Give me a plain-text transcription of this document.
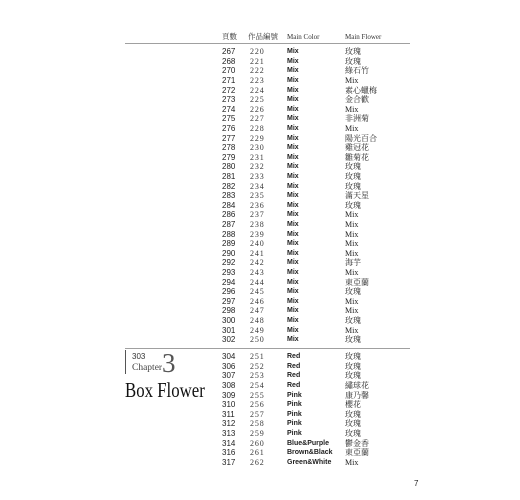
頁數 作品編號 Main Color	Main Flower
267 220	Mix	玫瑰
268 221	Mix	玫瑰
270 222	Mix	綠石竹
271 223	Mix	Mix
272 224	Mix	素心蠟梅
273 225	Mix	金合歡
274 226	Mix	Mix
275 227	Mix	非洲菊
276 228	Mix	Mix
277 229	Mix	陽光百合
278 230	Mix	雞冠花
279 231	Mix	雛菊花
280 232	Mix	玫瑰
281 233	Mix	玫瑰
282 234	Mix	玫瑰
283 235	Mix	滿天星
284 236	Mix	玫瑰
286 237	Mix	Mix
287 238	Mix	Mix
288 239	Mix	Mix
289 240	Mix	Mix
290 241	Mix	Mix
292 242	Mix	海芋
293 243	Mix	Mix
294 244	Mix	東亞蘭
296 245	Mix	玫瑰
297 246	Mix	Mix
298 247	Mix	Mix
300 248	Mix	玫瑰
301 249	Mix	Mix
302 250	Mix	玫瑰
303
Chapter 3
Box Flower
304 251	Red	玫瑰
306 252	Red	玫瑰
307 253	Red	玫瑰
308 254	Red	繡球花
309 255	Pink	康乃馨
310 256	Pink	櫻花
311 257	Pink	玫瑰
312 258	Pink	玫瑰
313 259	Pink	玫瑰
314 260	Blue&Purple 鬱金香
316 261	Brown&Black 東亞蘭
317 262	Green&White Mix
7
